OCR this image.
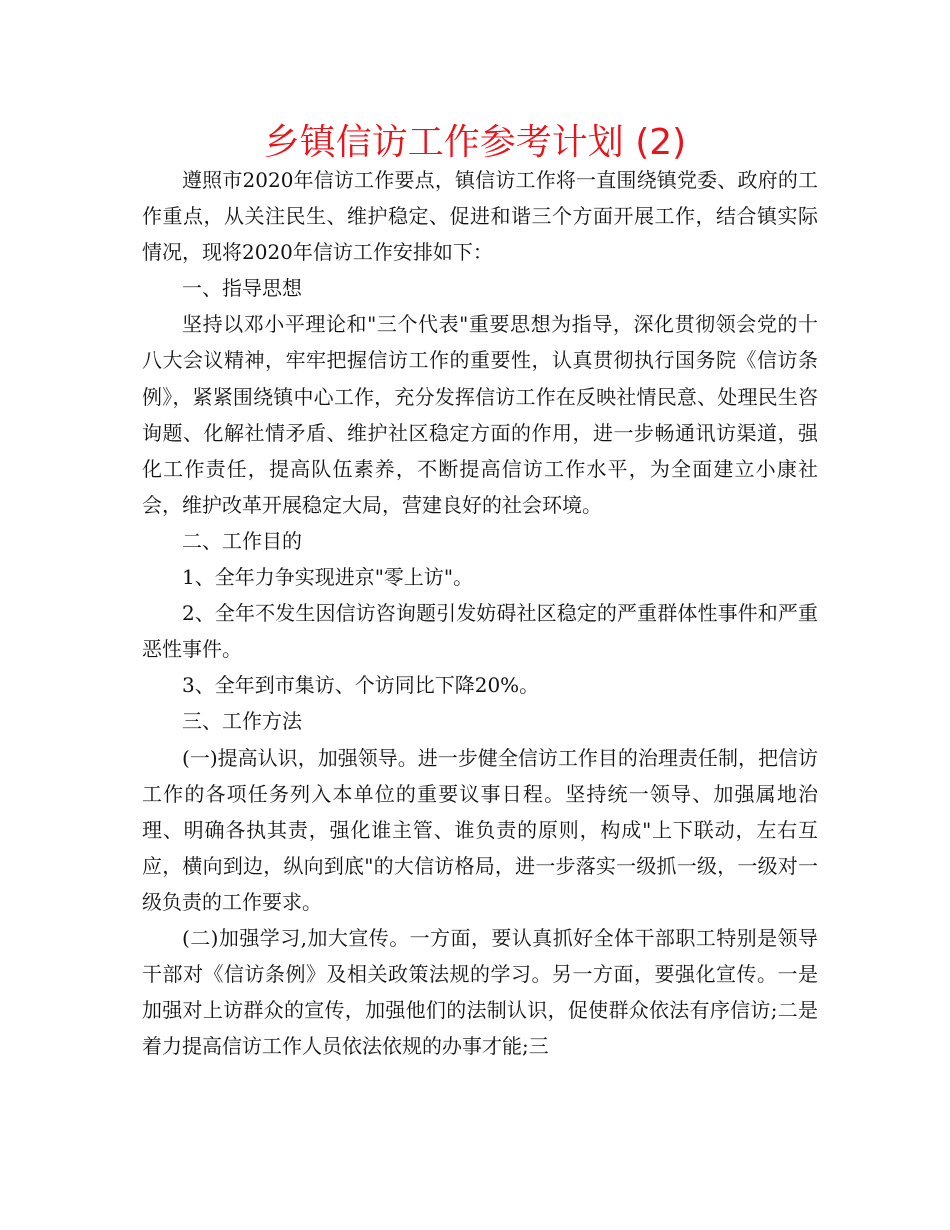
乡镇信访工作参考计划 (2)

遵照市2020年信访工作要点，镇信访工作将一直围绕镇党委、政府的工作重点，从关注民生、维护稳定、促进和谐三个方面开展工作，结合镇实际情况，现将2020年信访工作安排如下：

一、指导思想

坚持以邓小平理论和"三个代表"重要思想为指导，深化贯彻领会党的十八大会议精神，牢牢把握信访工作的重要性，认真贯彻执行国务院《信访条例》，紧紧围绕镇中心工作，充分发挥信访工作在反映社情民意、处理民生咨询题、化解社情矛盾、维护社区稳定方面的作用，进一步畅通讯访渠道，强化工作责任，提高队伍素养，不断提高信访工作水平，为全面建立小康社会，维护改革开展稳定大局，营建良好的社会环境。

二、工作目的

1、全年力争实现进京"零上访"。

2、全年不发生因信访咨询题引发妨碍社区稳定的严重群体性事件和严重恶性事件。

3、全年到市集访、个访同比下降20%。

三、工作方法

(一)提高认识，加强领导。进一步健全信访工作目的治理责任制，把信访工作的各项任务列入本单位的重要议事日程。坚持统一领导、加强属地治理、明确各执其责，强化谁主管、谁负责的原则，构成"上下联动，左右互应，横向到边，纵向到底"的大信访格局，进一步落实一级抓一级，一级对一级负责的工作要求。

(二)加强学习,加大宣传。一方面，要认真抓好全体干部职工特别是领导干部对《信访条例》及相关政策法规的学习。另一方面，要强化宣传。一是加强对上访群众的宣传，加强他们的法制认识，促使群众依法有序信访;二是着力提高信访工作人员依法依规的办事才能;三
